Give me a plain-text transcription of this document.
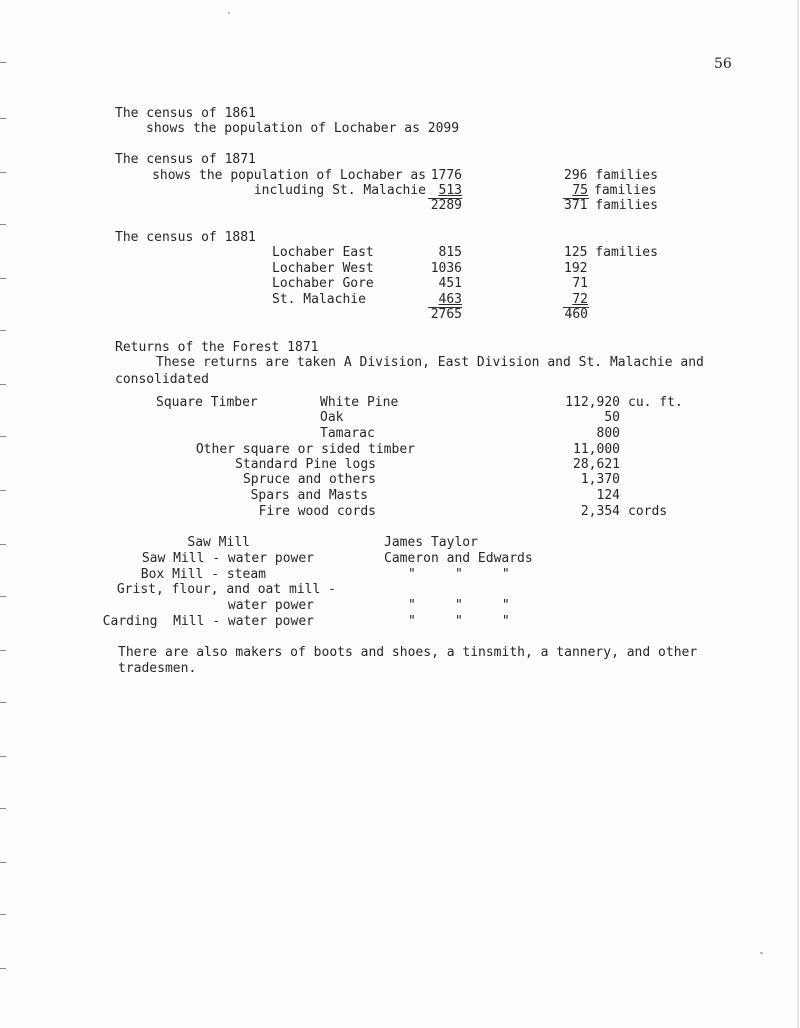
56
The census of 1861
shows the population of Lochaber as 2099
The census of 1871
shows the population of Lochaber as 1776	296 families
including St. Malachie 513	75 families
2289	371 families
The census of 1881
Lochaber East	815	125 families
Lochaber West	1036	192
Lochaber Gore	451	71
St. Malachie	463	72
2765	460
Returns of the Forest 1871
These returns are taken A Division, East Division and St. Malachie and
consolidated
Square Timber	White Pine	112,920 cu. ft.
Oak	50
Tamarac	800
Other square or sided timber	11,000
Standard Pine logs	28,621
Spruce and others	1,370
Spars and Masts	124
Fire wood cords	2,354 cords
Saw Mill	James Taylor
Saw Mill - water power	Cameron and Edwards
Box Mill - steam	"     "     "
Grist, flour, and oat mill -
water power	"     "     "
Carding  Mill - water power	"     "     "
There are also makers of boots and shoes, a tinsmith, a tannery, and other
tradesmen.
